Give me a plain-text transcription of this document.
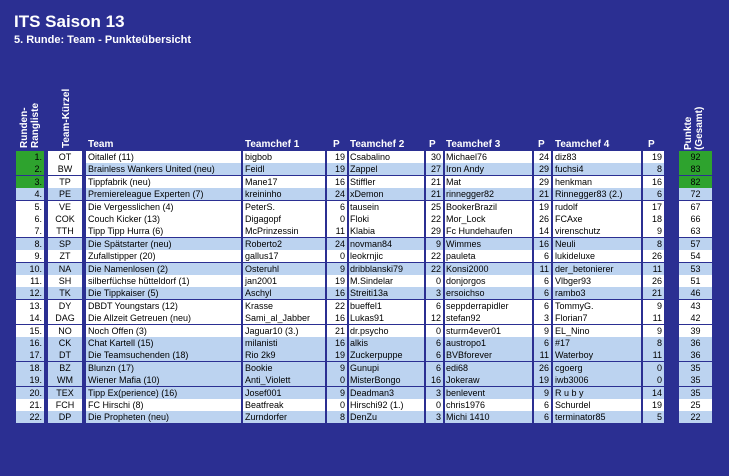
ITS Saison 13
5. Runde: Team - Punkteübersicht
Runden-Rangliste Team-Kürzel Team	Teamchef 1	P Teamchef 2 P Teamchef 3	P Teamchef 4	P	Punkte (Gesamt)
1.	OT	Oitallef (11)	bigbob	19 Csabalino	30 Michael76	24 diz83	19	92
2.	BW	Brainless Wankers United (neu)	Feidl	19 Zappel	27 Iron Andy	29 fuchsi4	8	83
3.	TP	Tippfabrik (neu)	Mane17	16 Stiffler	21 Mat	29 henkman	16	82
4.	PE	Premiereleague Experten (7)	kreininho	24 xDemon	21 rinnegger82	21 Rinnegger83 (2.)	6	72
5.	VE	Die Vergesslichen (4)	PeterS.	6 tausein	25 BookerBrazil	19 rudolf	17	67
6.	COK	Couch Kicker (13)	Digagopf	0 Floki	22 Mor_Lock	26 FCAxe	18	66
7.	TTH	Tipp Tipp Hurra (6)	McPrinzessin	11 Klabia	29 Fc Hundehaufen	14 virenschutz	9	63
8.	SP	Die Spätstarter (neu)	Roberto2	24 novman84	9 Wimmes	16 Neuli	8	57
9.	ZT	Zufallstipper (20)	gallus17	0 leokrnjic	22 pauleta	6 lukideluxe	26	54
10.	NA	Die Namenlosen (2)	Osteruhl	9 dribblanski79	22 Konsi2000	11 der_betonierer	11	53
11.	SH	silberfüchse hütteldorf (1)	jan2001	19 M.Sindelar	0 donjorgos	6 Vlbger93	26	51
12.	TK	Die Tippkaiser (5)	Aschyl	16 Streiti13a	3 ersoichso	6 rambo3	21	46
13.	DY	DBDT Youngstars (12)	Krasse	22 bueffel1	6 seppderrapidler	6 TommyG.	9	43
14.	DAG	Die Allzeit Getreuen (neu)	Sami_al_Jabber	16 Lukas91	12 stefan92	3 Florian7	11	42
15.	NO	Noch Offen (3)	Jaguar10 (3.)	21 dr.psycho	0 sturm4ever01	9 EL_Nino	9	39
16.	CK	Chat Kartell (15)	milanisti	16 alkis	6 austropo1	6 #17	8	36
17.	DT	Die Teamsuchenden (18)	Rio 2k9	19 Zuckerpuppe	6 BVBforever	11 Waterboy	11	36
18.	BZ	Blunzn (17)	Bookie	9 Gunupi	6 edi68	26 cgoerg	0	35
19.	WM	Wiener Mafia (10)	Anti_Violett	0 MisterBongo	16 Jokeraw	19 iwb3006	0	35
20.	TEX	Tipp Ex(perience) (16)	Josef001	9 Deadman3	3 benlevent	9 R u b y	14	35
21.	FCH	FC Hirschi (8)	Beatfreak	0 Hirschi92 (1.)	0 chris1976	6 Schurdel	19	25
22.	DP	Die Propheten (neu)	Zurndorfer	8 DenZu	3 Michi 1410	6 terminator85	5	22
